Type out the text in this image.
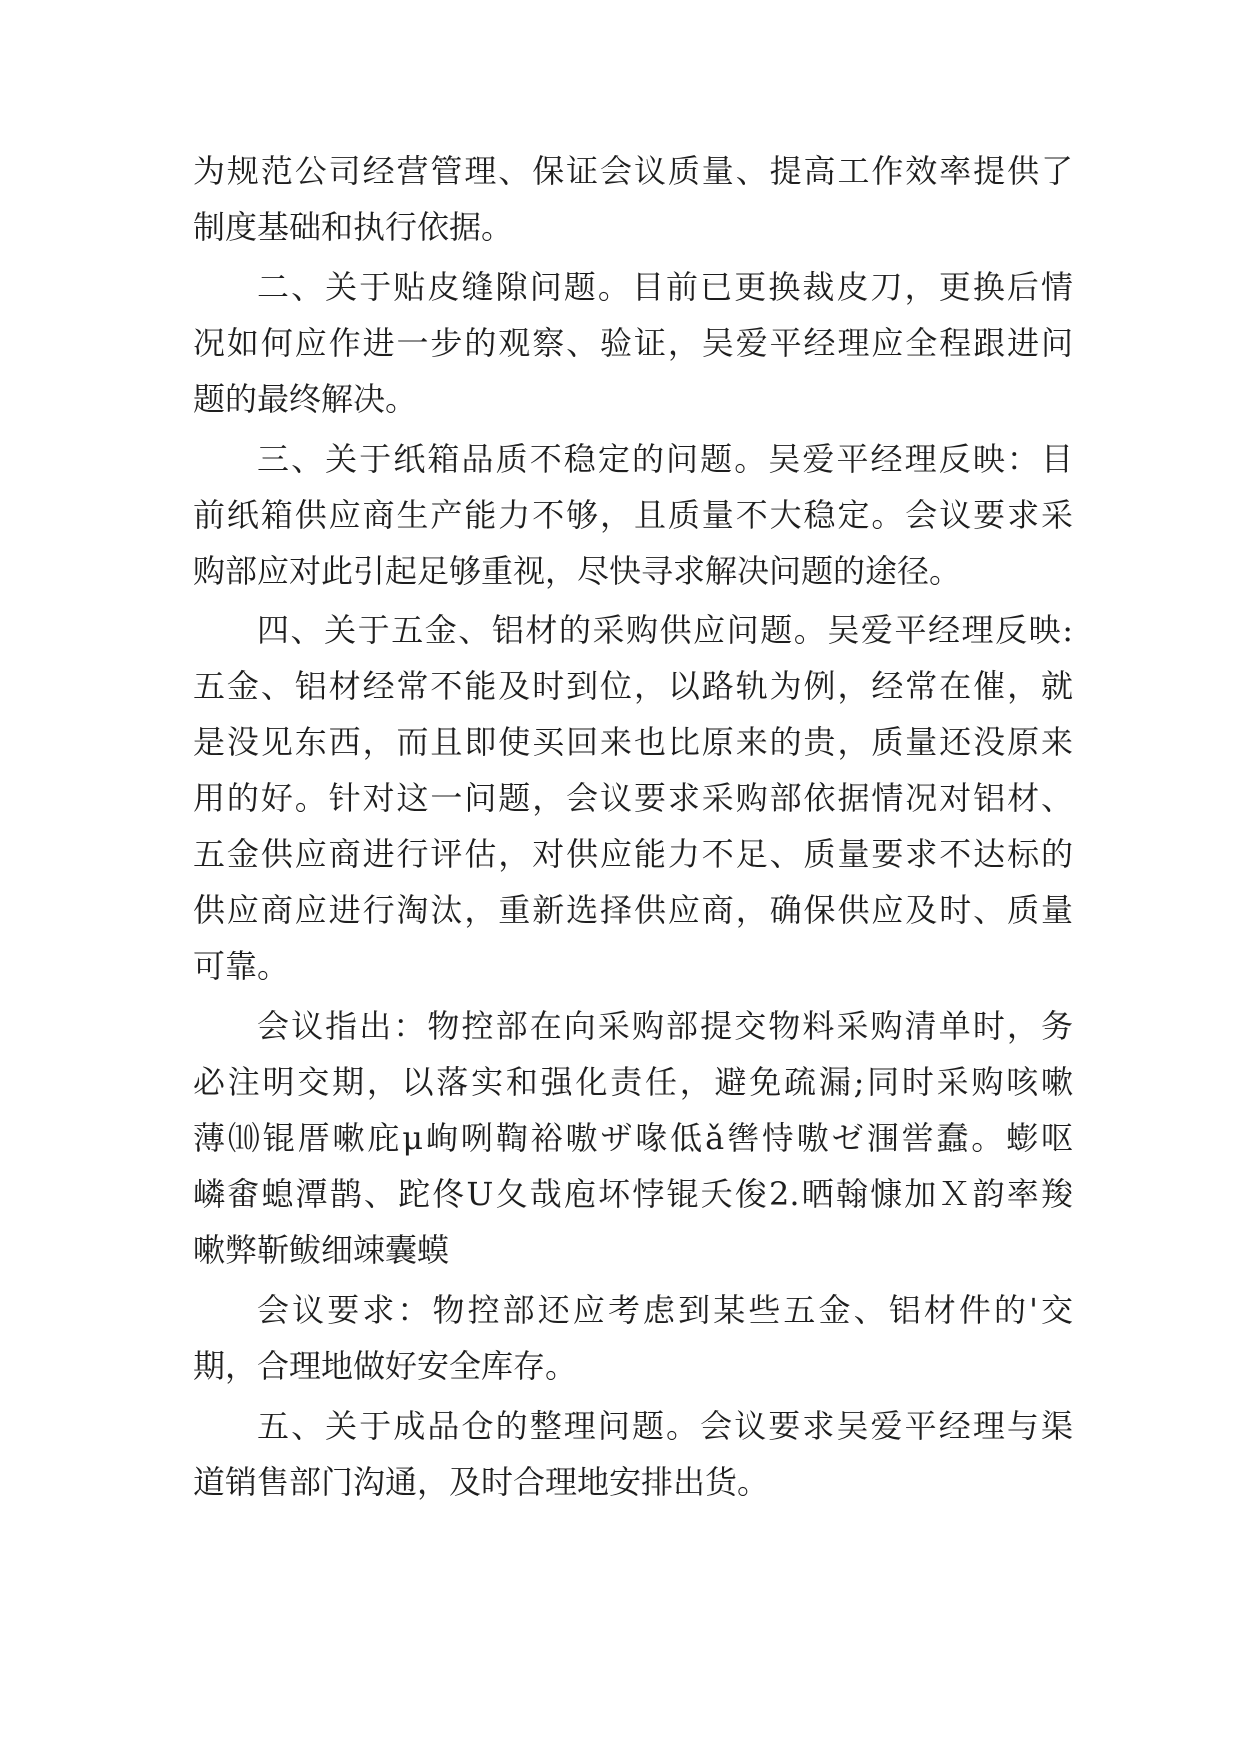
为规范公司经营管理、保证会议质量、提高工作效率提供了

制度基础和执行依据。

二、关于贴皮缝隙问题。目前已更换裁皮刀，更换后情

况如何应作进一步的观察、验证，吴爱平经理应全程跟进问

题的最终解决。

三、关于纸箱品质不稳定的问题。吴爱平经理反映：目

前纸箱供应商生产能力不够，且质量不大稳定。会议要求采

购部应对此引起足够重视，尽快寻求解决问题的途径。

四、关于五金、铝材的采购供应问题。吴爱平经理反映:

五金、铝材经常不能及时到位，以路轨为例，经常在催，就

是没见东西，而且即使买回来也比原来的贵，质量还没原来

用的好。针对这一问题，会议要求采购部依据情况对铝材、

五金供应商进行评估，对供应能力不足、质量要求不达标的

供应商应进行淘汰，重新选择供应商，确保供应及时、质量

可靠。

会议指出：物控部在向采购部提交物料采购清单时，务

必注明交期，以落实和强化责任，避免疏漏;同时采购咳嗽

薄⑽锟厝嗽庇μ峋咧鞫裕嗷ザ喙低ǎ辔恃嗷ゼ涠喾蠢。蟛呕

嶙畬螅潭鹊、跎佟U夂哉庖坏悖锟夭俊2.晒翰慷加Ｘ韵率羧

嗽弊靳鲅细竦囊蟆

会议要求：物控部还应考虑到某些五金、铝材件的'交

期，合理地做好安全库存。

五、关于成品仓的整理问题。会议要求吴爱平经理与渠

道销售部门沟通，及时合理地安排出货。
